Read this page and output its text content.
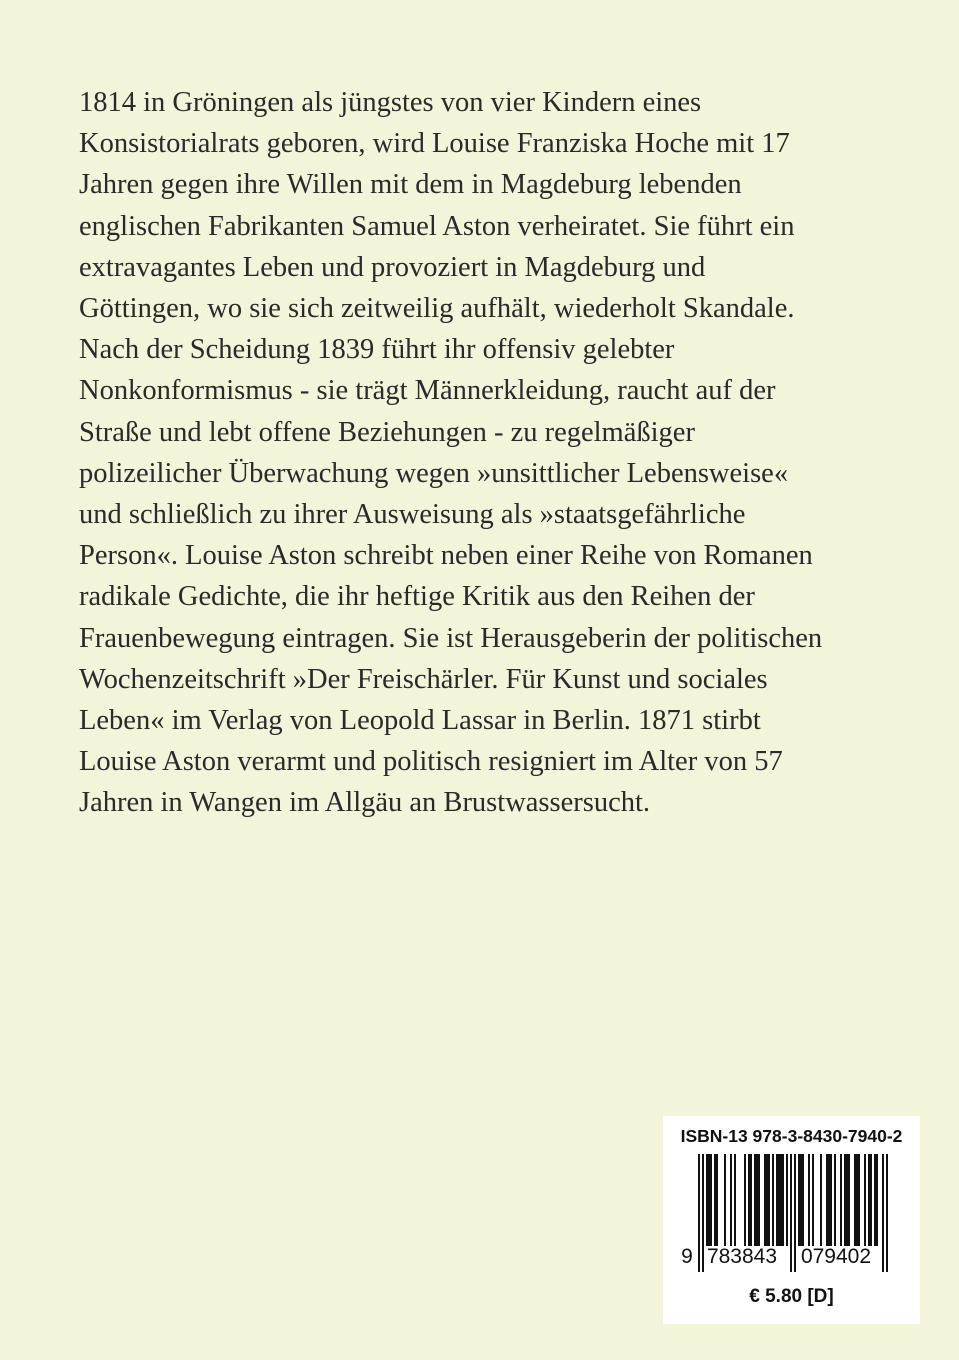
1814 in Gröningen als jüngstes von vier Kindern eines
Konsistorialrats geboren, wird Louise Franziska Hoche mit 17
Jahren gegen ihre Willen mit dem in Magdeburg lebenden
englischen Fabrikanten Samuel Aston verheiratet. Sie führt ein
extravagantes Leben und provoziert in Magdeburg und
Göttingen, wo sie sich zeitweilig aufhält, wiederholt Skandale.
Nach der Scheidung 1839 führt ihr offensiv gelebter
Nonkonformismus - sie trägt Männerkleidung, raucht auf der
Straße und lebt offene Beziehungen - zu regelmäßiger
polizeilicher Überwachung wegen »unsittlicher Lebensweise«
und schließlich zu ihrer Ausweisung als »staatsgefährliche
Person«. Louise Aston schreibt neben einer Reihe von Romanen
radikale Gedichte, die ihr heftige Kritik aus den Reihen der
Frauenbewegung eintragen. Sie ist Herausgeberin der politischen
Wochenzeitschrift »Der Freischärler. Für Kunst und sociales
Leben« im Verlag von Leopold Lassar in Berlin. 1871 stirbt
Louise Aston verarmt und politisch resigniert im Alter von 57
Jahren in Wangen im Allgäu an Brustwassersucht.
ISBN-13 978-3-8430-7940-2
9 783843 079402
€ 5.80 [D]
